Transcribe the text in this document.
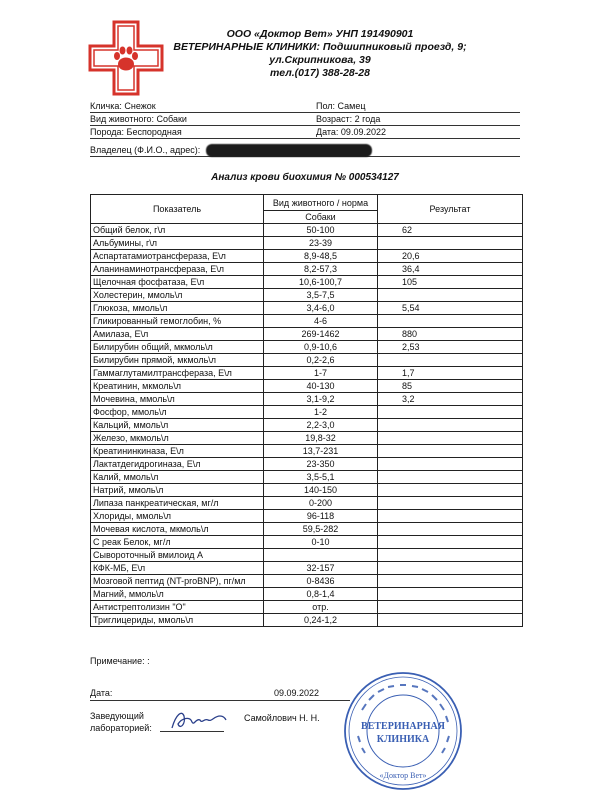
ООО «Доктор Вет» УНП 191490901
ВЕТЕРИНАРНЫЕ КЛИНИКИ: Подшипниковый проезд, 9;
ул.Скрипникова, 39
тел.(017) 388-28-28
Кличка: Снежок	Пол: Самец
Вид животного: Собаки	Возраст: 2 года
Порода: Беспородная	Дата: 09.09.2022
Владелец (Ф.И.О., адрес):
Анализ крови биохимия № 000534127
Показатель	Вид животного / норма	Результат
	Собаки	
Общий белок, г\л	50-100	62
Альбумины, г\л	23-39	
Аспартатамиотрансфераза, Е\л	8,9-48,5	20,6
Аланинаминотрансфераза, Е\л	8,2-57,3	36,4
Щелочная фосфатаза, Е\л	10,6-100,7	105
Холестерин, ммоль\л	3,5-7,5	
Глюкоза, ммоль\л	3,4-6,0	5,54
Гликированный гемоглобин, %	4-6	
Амилаза, Е\л	269-1462	880
Билирубин общий, мкмоль\л	0,9-10,6	2,53
Билирубин прямой, мкмоль\л	0,2-2,6	
Гаммаглутамилтрансфераза, Е\л	1-7	1,7
Креатинин, мкмоль\л	40-130	85
Мочевина, ммоль\л	3,1-9,2	3,2
Фосфор, ммоль\л	1-2	
Кальций, ммоль\л	2,2-3,0	
Железо, мкмоль\л	19,8-32	
Креатининкиназа, Е\л	13,7-231	
Лактатдегидрогиназа, Е\л	23-350	
Калий, ммоль\л	3,5-5,1	
Натрий, ммоль\л	140-150	
Липаза панкреатическая, мг/л	0-200	
Хлориды, ммоль\л	96-118	
Мочевая кислота, мкмоль\л	59,5-282	
С реак Белок, мг/л	0-10	
Сывороточный вмилоид А		
КФК-МБ, Е\л	32-157	
Мозговой пептид (NT-proBNP), пг/мл	0-8436	
Магний, ммоль\л	0,8-1,4	
Антистрептолизин "О"	отр.	
Триглицериды, ммоль\л	0,24-1,2	
Примечание: :
Дата:	09.09.2022
Заведующий
лабораторией:
Самойлович Н. Н.
ВЕТЕРИНАРНАЯ
КЛИНИКА
«Доктор Вет»
